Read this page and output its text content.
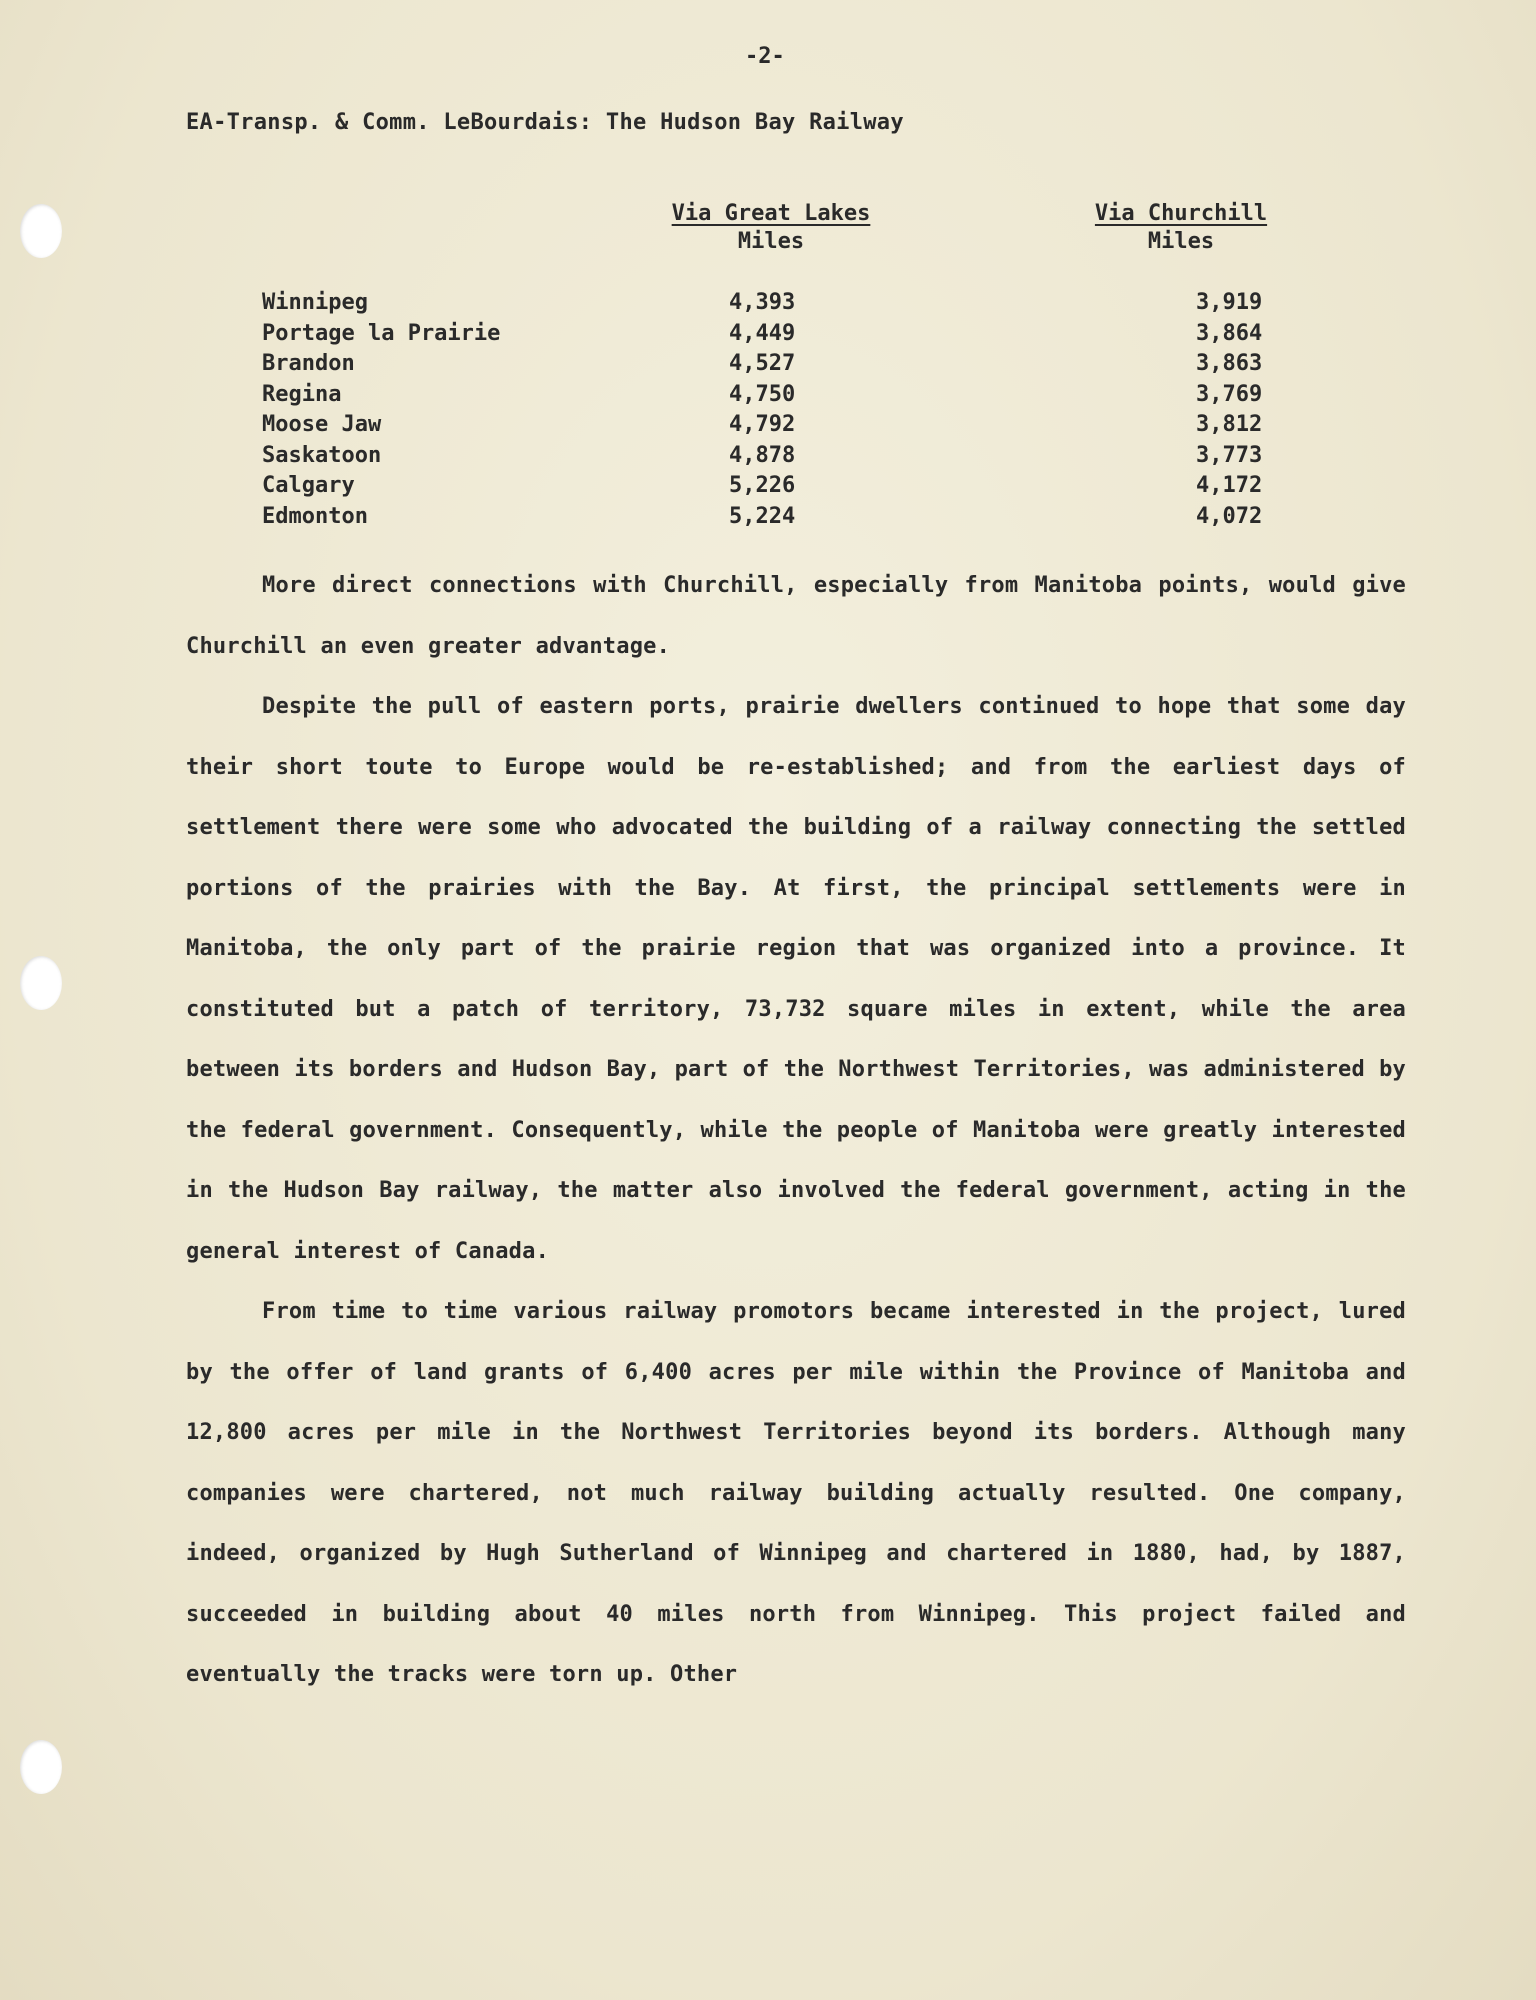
-2-
EA-Transp. & Comm. LeBourdais: The Hudson Bay Railway
Via Great Lakes
Miles
Via Churchill
Miles
Winnipeg	4,393	3,919
Portage la Prairie	4,449	3,864
Brandon	4,527	3,863
Regina	4,750	3,769
Moose Jaw	4,792	3,812
Saskatoon	4,878	3,773
Calgary	5,226	4,172
Edmonton	5,224	4,072

More direct connections with Churchill, especially from Manitoba points, would give Churchill an even greater advantage.

Despite the pull of eastern ports, prairie dwellers continued to hope that some day their short toute to Europe would be re-established; and from the earliest days of settlement there were some who advocated the building of a railway connecting the settled portions of the prairies with the Bay. At first, the principal settlements were in Manitoba, the only part of the prairie region that was organized into a province. It constituted but a patch of territory, 73,732 square miles in extent, while the area between its borders and Hudson Bay, part of the Northwest Territories, was administered by the federal government. Consequently, while the people of Manitoba were greatly interested in the Hudson Bay railway, the matter also involved the federal government, acting in the general interest of Canada.

From time to time various railway promotors became interested in the project, lured by the offer of land grants of 6,400 acres per mile within the Province of Manitoba and 12,800 acres per mile in the Northwest Territories beyond its borders. Although many companies were chartered, not much railway building actually resulted. One company, indeed, organized by Hugh Sutherland of Winnipeg and chartered in 1880, had, by 1887, succeeded in building about 40 miles north from Winnipeg. This project failed and eventually the tracks were torn up. Other
